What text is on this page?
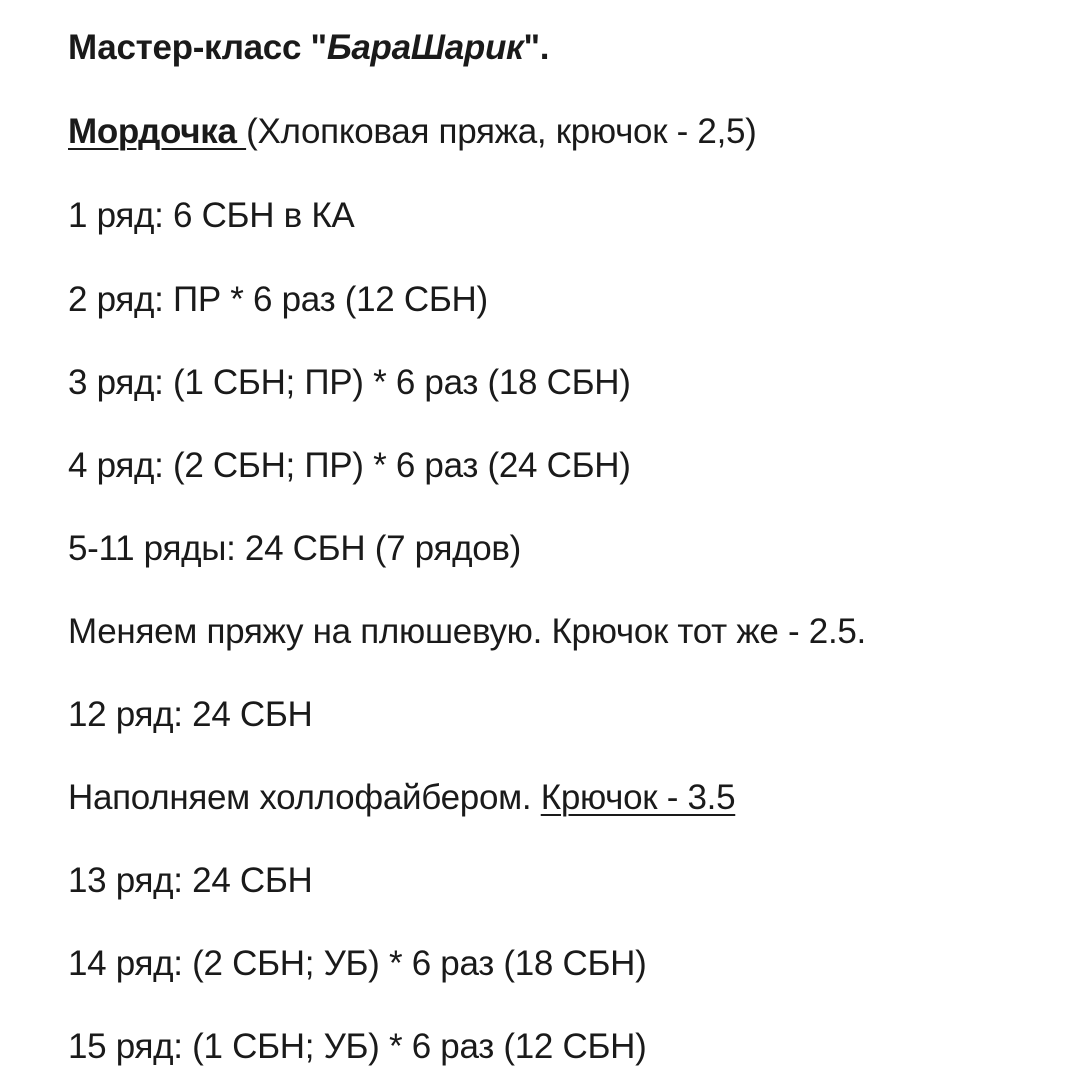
Мастер-класс "БараШарик".
Мордочка (Хлопковая пряжа, крючок - 2,5)
1 ряд: 6 СБН в КА
2 ряд: ПР * 6 раз (12 СБН)
3 ряд: (1 СБН; ПР) * 6 раз (18 СБН)
4 ряд: (2 СБН; ПР) * 6 раз (24 СБН)
5-11 ряды: 24 СБН (7 рядов)
Меняем пряжу на плюшевую. Крючок тот же - 2.5.
12 ряд: 24 СБН
Наполняем холлофайбером. Крючок - 3.5
13 ряд: 24 СБН
14 ряд: (2 СБН; УБ) * 6 раз (18 СБН)
15 ряд: (1 СБН; УБ) * 6 раз (12 СБН)
